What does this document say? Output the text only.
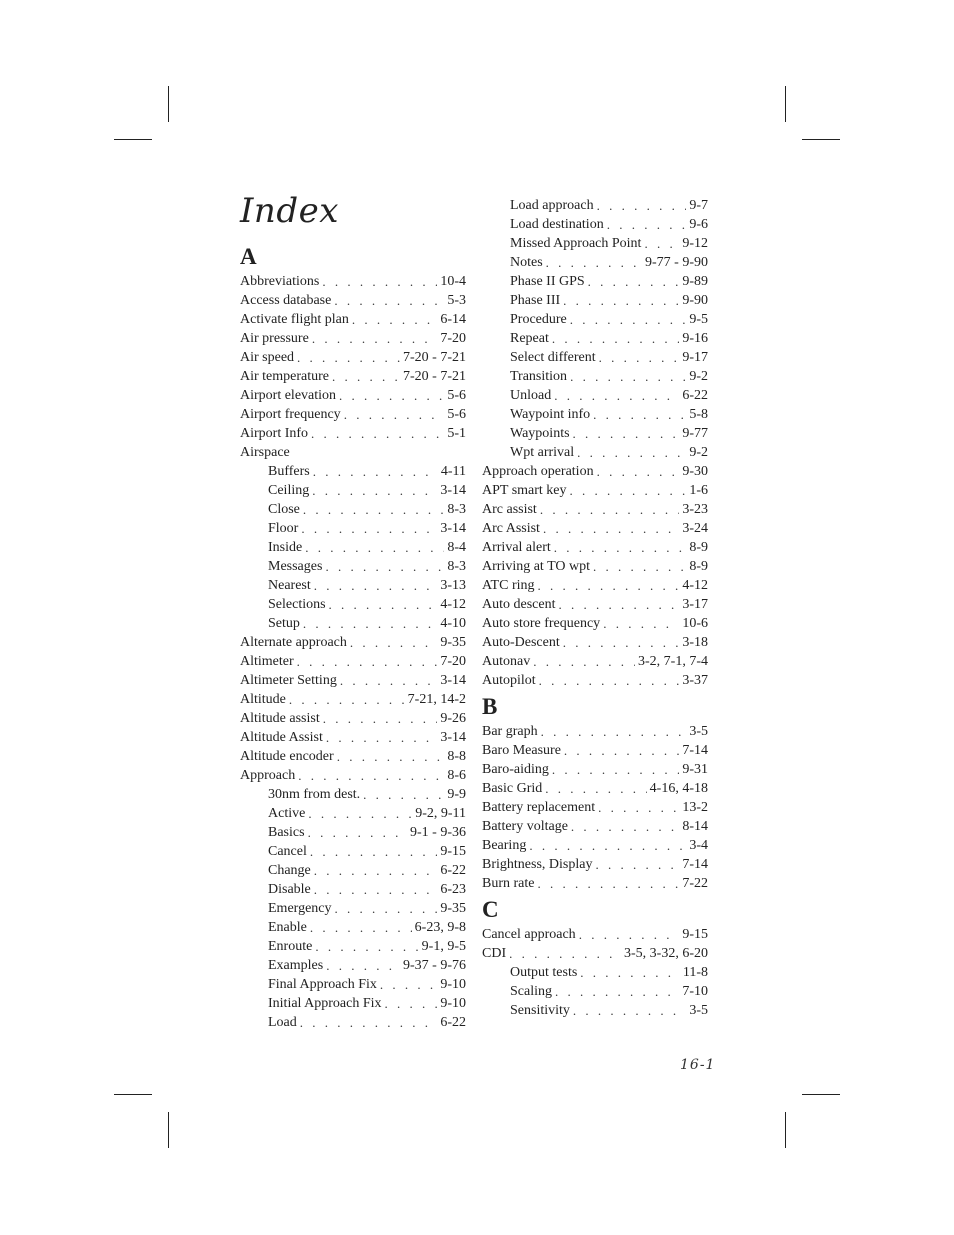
Index
A
Abbreviations . . .	10-4
Access database . . .	5-3
Activate flight plan . . .	6-14
Air pressure . . .	7-20
Air speed . . .	7-20 - 7-21
Air temperature . . .	7-20 - 7-21
Airport elevation . . .	5-6
Airport frequency . . .	5-6
Airport Info . . .	5-1
Airspace
Buffers . . .	4-11
Ceiling . . .	3-14
Close . . .	8-3
Floor . . .	3-14
Inside . . .	8-4
Messages . . .	8-3
Nearest . . .	3-13
Selections . . .	4-12
Setup . . .	4-10
Alternate approach . . .	9-35
Altimeter . . .	7-20
Altimeter Setting . . .	3-14
Altitude . . .	7-21, 14-2
Altitude assist . . .	9-26
Altitude Assist . . .	3-14
Altitude encoder . . .	8-8
Approach . . .	8-6
30nm from dest. . . .	9-9
Active . . .	9-2, 9-11
Basics . . .	9-1 - 9-36
Cancel . . .	9-15
Change . . .	6-22
Disable . . .	6-23
Emergency . . .	9-35
Enable . . .	6-23, 9-8
Enroute . . .	9-1, 9-5
Examples . . .	9-37 - 9-76
Final Approach Fix . . .	9-10
Initial Approach Fix . . .	9-10
Load . . .	6-22
Load approach . . .	9-7
Load destination . . .	9-6
Missed Approach Point . . .	9-12
Notes . . .	9-77 - 9-90
Phase II GPS . . .	9-89
Phase III . . .	9-90
Procedure . . .	9-5
Repeat . . .	9-16
Select different . . .	9-17
Transition . . .	9-2
Unload . . .	6-22
Waypoint info . . .	5-8
Waypoints . . .	9-77
Wpt arrival . . .	9-2
Approach operation . . .	9-30
APT smart key . . .	1-6
Arc assist . . .	3-23
Arc Assist . . .	3-24
Arrival alert . . .	8-9
Arriving at TO wpt . . .	8-9
ATC ring . . .	4-12
Auto descent . . .	3-17
Auto store frequency . . .	10-6
Auto-Descent . . .	3-18
Autonav . . .	3-2, 7-1, 7-4
Autopilot . . .	3-37
B
Bar graph . . .	3-5
Baro Measure . . .	7-14
Baro-aiding . . .	9-31
Basic Grid . . .	4-16, 4-18
Battery replacement . . .	13-2
Battery voltage . . .	8-14
Bearing . . .	3-4
Brightness, Display . . .	7-14
Burn rate . . .	7-22
C
Cancel approach . . .	9-15
CDI . . .	3-5, 3-32, 6-20
Output tests . . .	11-8
Scaling . . .	7-10
Sensitivity . . .	3-5
16-1
